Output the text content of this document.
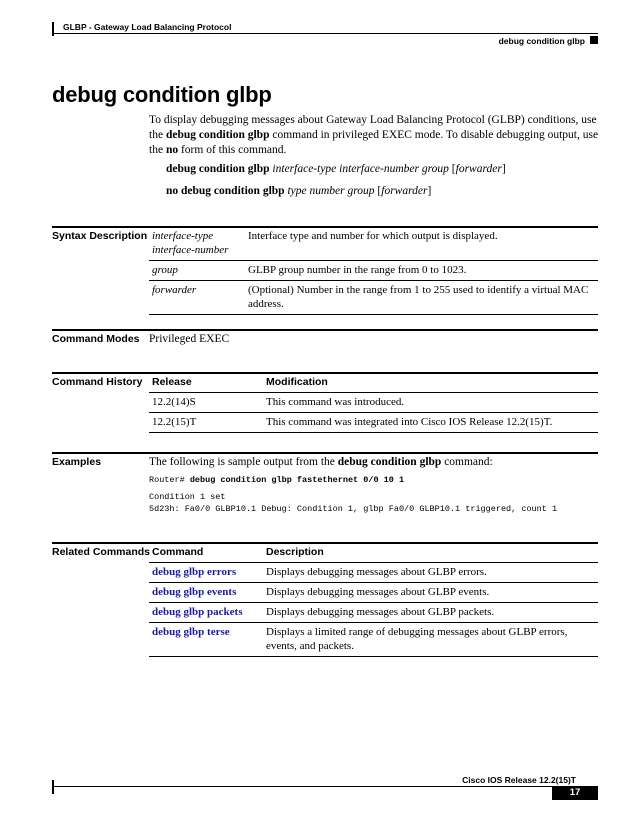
GLBP - Gateway Load Balancing Protocol
debug condition glbp
debug condition glbp
To display debugging messages about Gateway Load Balancing Protocol (GLBP) conditions, use the debug condition glbp command in privileged EXEC mode. To disable debugging output, use the no form of this command.
debug condition glbp interface-type interface-number group [forwarder]
no debug condition glbp type number group [forwarder]
Syntax Description interface-type
interface-number	Interface type and number for which output is displayed.
group	GLBP group number in the range from 0 to 1023.
forwarder	(Optional) Number in the range from 1 to 255 used to identify a virtual MAC address.
Command Modes Privileged EXEC
Command History Release	Modification
12.2(14)S	This command was introduced.
12.2(15)T	This command was integrated into Cisco IOS Release 12.2(15)T.
Examples	The following is sample output from the debug condition glbp command:
Router# debug condition glbp fastethernet 0/0 10 1
Condition 1 set
5d23h: Fa0/0 GLBP10.1 Debug: Condition 1, glbp Fa0/0 GLBP10.1 triggered, count 1
Related Commands Command	Description
debug glbp errors	Displays debugging messages about GLBP errors.
debug glbp events	Displays debugging messages about GLBP events.
debug glbp packets	Displays debugging messages about GLBP packets.
debug glbp terse	Displays a limited range of debugging messages about GLBP errors, events, and packets.
Cisco IOS Release 12.2(15)T
17
